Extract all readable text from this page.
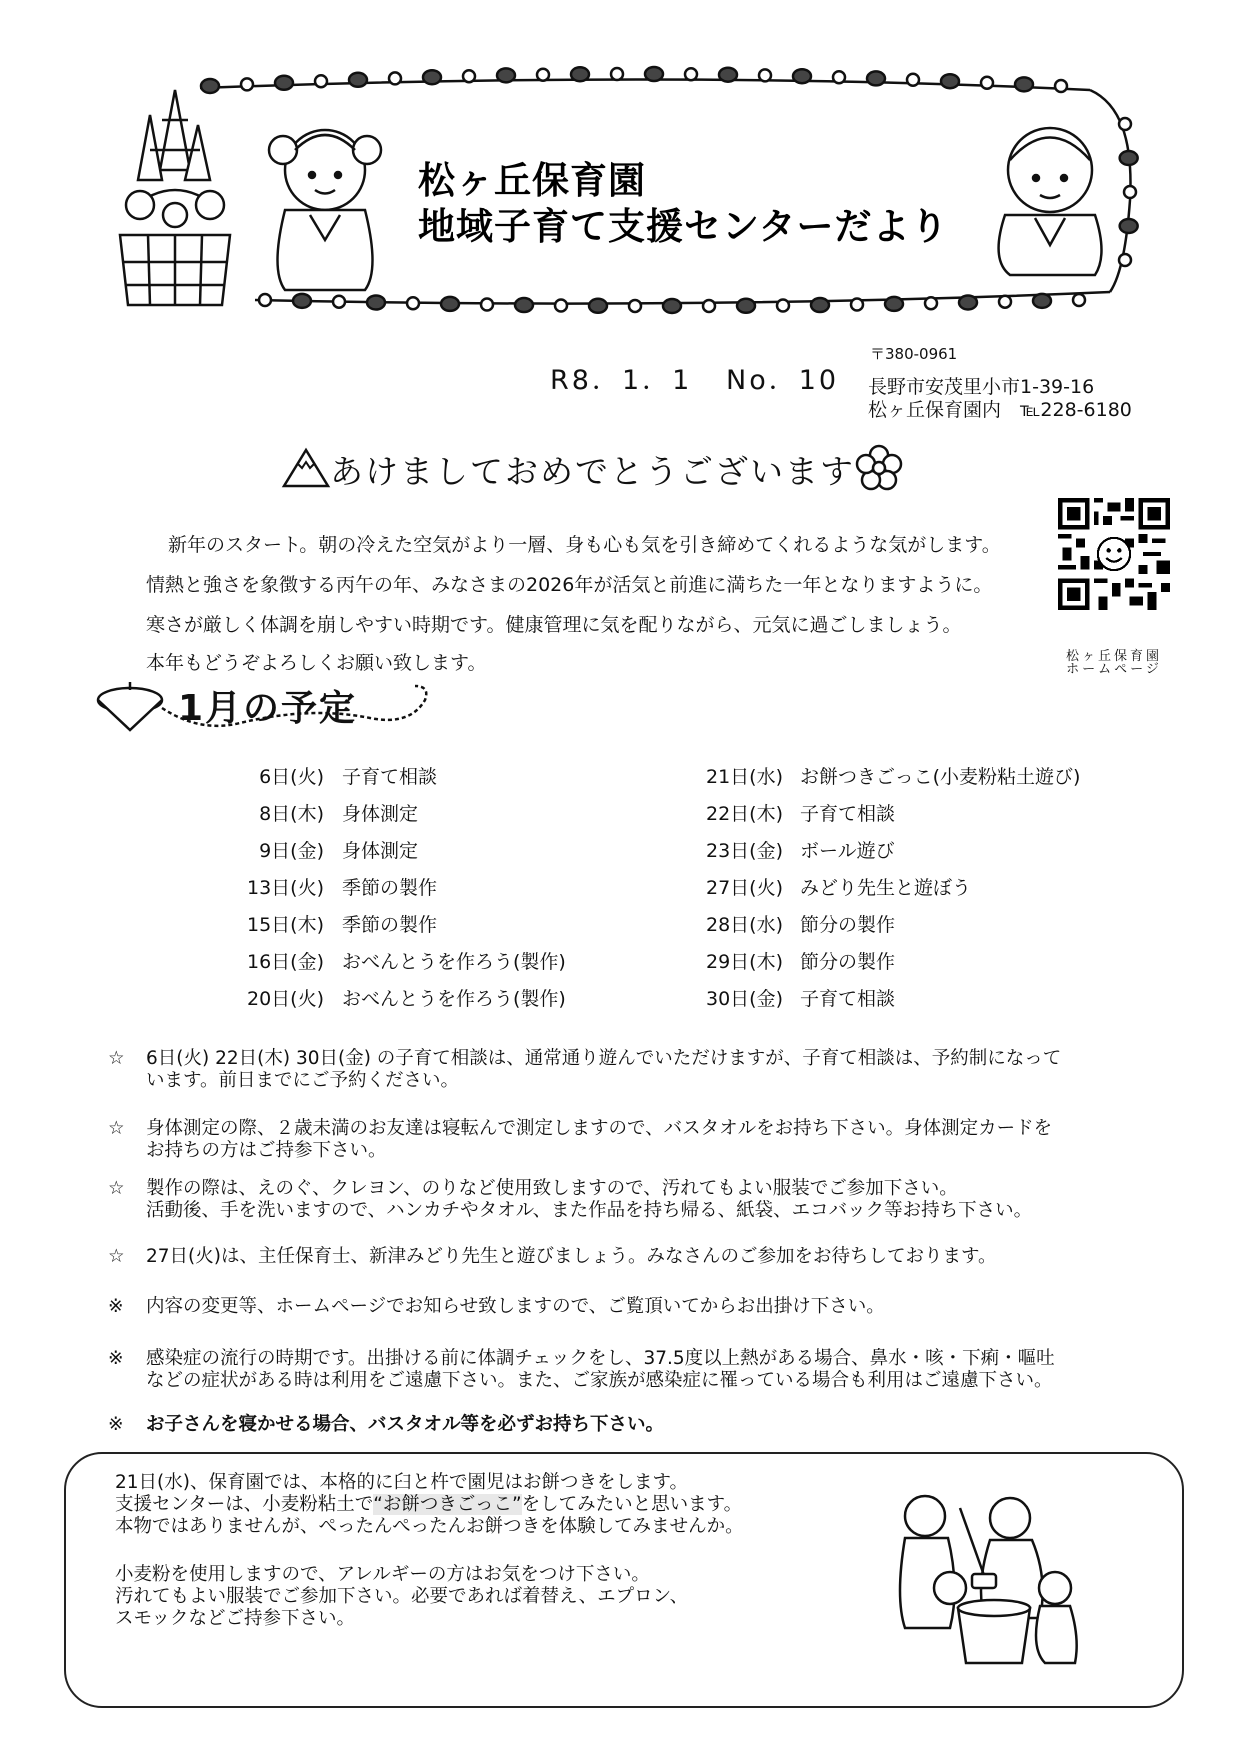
松ヶ丘保育園
地域子育て支援センターだより
R8．1．1 No．10
〒380-0961
長野市安茂里小市1-39-16
松ヶ丘保育園内　℡228-6180
あけましておめでとうございます
新年のスタート。朝の冷えた空気がより一層、身も心も気を引き締めてくれるような気がします。
情熱と強さを象徴する丙午の年、みなさまの2026年が活気と前進に満ちた一年となりますように。
寒さが厳しく体調を崩しやすい時期です。健康管理に気を配りながら、元気に過ごしましょう。
本年もどうぞよろしくお願い致します。	松ヶ丘保育園
ホームページ
1月の予定
6日(火) 子育て相談
8日(木) 身体測定
9日(金) 身体測定
13日(火) 季節の製作
15日(木) 季節の製作
16日(金) おべんとうを作ろう(製作)
20日(火) おべんとうを作ろう(製作)
21日(水) お餅つきごっこ(小麦粉粘土遊び)
22日(木) 子育て相談
23日(金) ボール遊び
27日(火) みどり先生と遊ぼう
28日(水) 節分の製作
29日(木) 節分の製作
30日(金) 子育て相談
☆ 6日(火) 22日(木) 30日(金) の子育て相談は、通常通り遊んでいただけますが、子育て相談は、予約制になって
います。前日までにご予約ください。
☆ 身体測定の際、２歳未満のお友達は寝転んで測定しますので、バスタオルをお持ち下さい。身体測定カードを
お持ちの方はご持参下さい。
☆ 製作の際は、えのぐ、クレヨン、のりなど使用致しますので、汚れてもよい服装でご参加下さい。
活動後、手を洗いますので、ハンカチやタオル、また作品を持ち帰る、紙袋、エコバック等お持ち下さい。
☆ 27日(火)は、主任保育士、新津みどり先生と遊びましょう。みなさんのご参加をお待ちしております。
※ 内容の変更等、ホームページでお知らせ致しますので、ご覧頂いてからお出掛け下さい。
※ 感染症の流行の時期です。出掛ける前に体調チェックをし、37.5度以上熱がある場合、鼻水・咳・下痢・嘔吐
などの症状がある時は利用をご遠慮下さい。また、ご家族が感染症に罹っている場合も利用はご遠慮下さい。
※ お子さんを寝かせる場合、バスタオル等を必ずお持ち下さい。
21日(水)、保育園では、本格的に臼と杵で園児はお餅つきをします。
支援センターは、小麦粉粘土で“お餅つきごっこ”をしてみたいと思います。
本物ではありませんが、ぺったんぺったんお餅つきを体験してみませんか。
小麦粉を使用しますので、アレルギーの方はお気をつけ下さい。
汚れてもよい服装でご参加下さい。必要であれば着替え、エプロン、
スモックなどご持参下さい。
